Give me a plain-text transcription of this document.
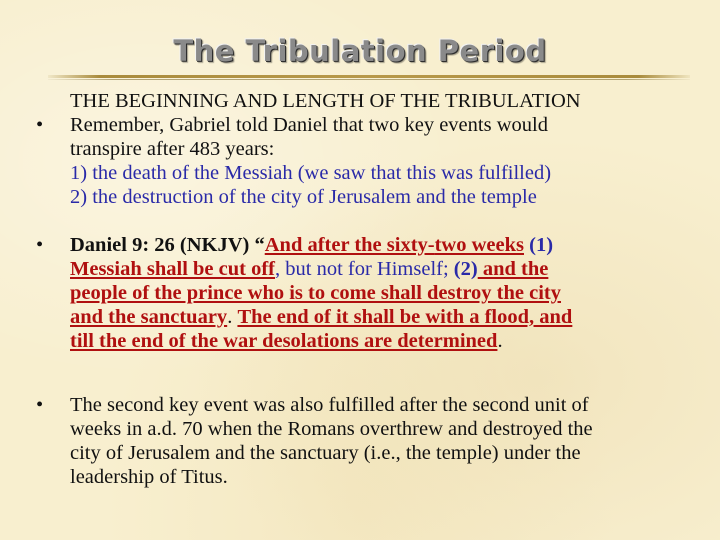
The Tribulation Period
THE BEGINNING AND LENGTH OF THE TRIBULATION
•	Remember, Gabriel told Daniel that two key events would
transpire after 483 years:
1) the death of the Messiah (we saw that this was fulfilled)
2) the destruction of the city of Jerusalem and the temple
•	Daniel 9: 26 (NKJV) “And after the sixty-two weeks (1)
Messiah shall be cut off, but not for Himself; (2) and the
people of the prince who is to come shall destroy the city
and the sanctuary. The end of it shall be with a flood, and
till the end of the war desolations are determined.
•	The second key event was also fulfilled after the second unit of
weeks in a.d. 70 when the Romans overthrew and destroyed the
city of Jerusalem and the sanctuary (i.e., the temple) under the
leadership of Titus.
